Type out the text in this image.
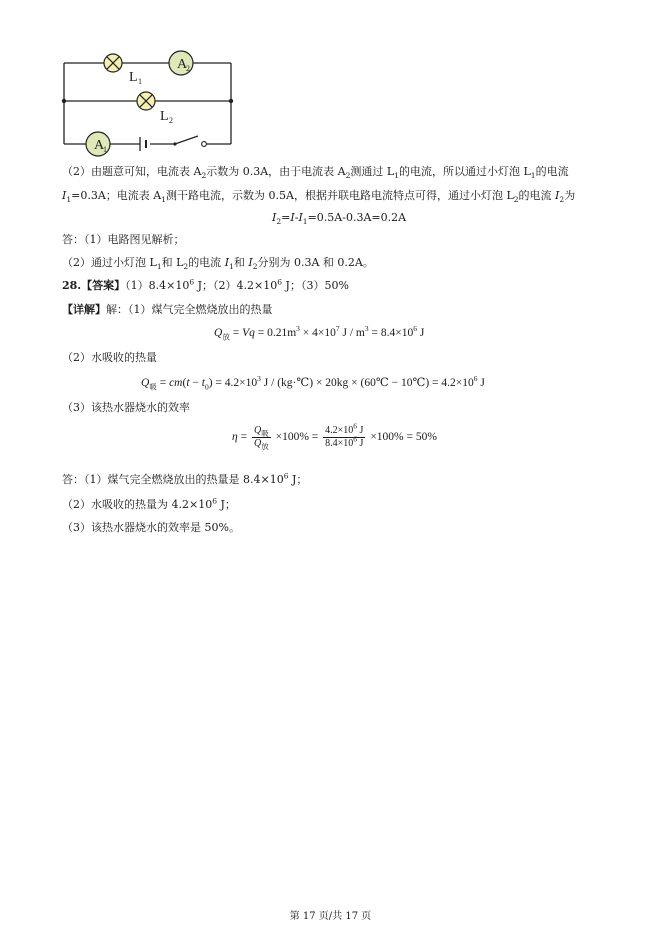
A
2
A
1
L 1
L 2
（2）由题意可知，电流表 $A_2$示数为 0.3A，由于电流表 $A_2$测通过 $L_1$的电流，所以通过小灯泡 $L_1$的电流
$I_1=0.3A$；电流表 $A_1$测干路电流，示数为 0.5A，根据并联电路电流特点可得，通过小灯泡 $L_2$的电流 $I_2$为
$I_2=I-I_1=0.5A-0.3A=0.2A$
答：（1）电路图见解析；
（2）通过小灯泡 $L_1$和 $L_2$的电流 $I_1$和 $I_2$分别为 0.3A 和 0.2A。
28.【答案】$(1)8.4\times 10^6$ J；$(2)4.2\times 10^6$ J；（3）50%
【详解】解：（1）煤气完全燃烧放出的热量
$Q_放 = Vq = 0.21m^3 \times 4\times 10^7$ $J / m^3 = 8.4\times 10^6$ J
（2）水吸收的热量
$Q_吸 = cm(t - t_0) = 4.2\times 10^3$ J / (kg·℃) × 20kg × (60℃ − 10℃) = $4.2\times 10^6$ J
（3）该热水器烧水的效率
$\eta = \frac{Q_吸}{Q_放} \times 100\% = \frac{4.2\times 10^6 J}{8.4\times 10^6 J} \times 100\% = 50\%$
答：（1）煤气完全燃烧放出的热量是 $8.4\times 10^6$ J；
（2）水吸收的热量为 $4.2\times 10^6$ J；
（3）该热水器烧水的效率是 50%。
第 17 页/共 17 页
